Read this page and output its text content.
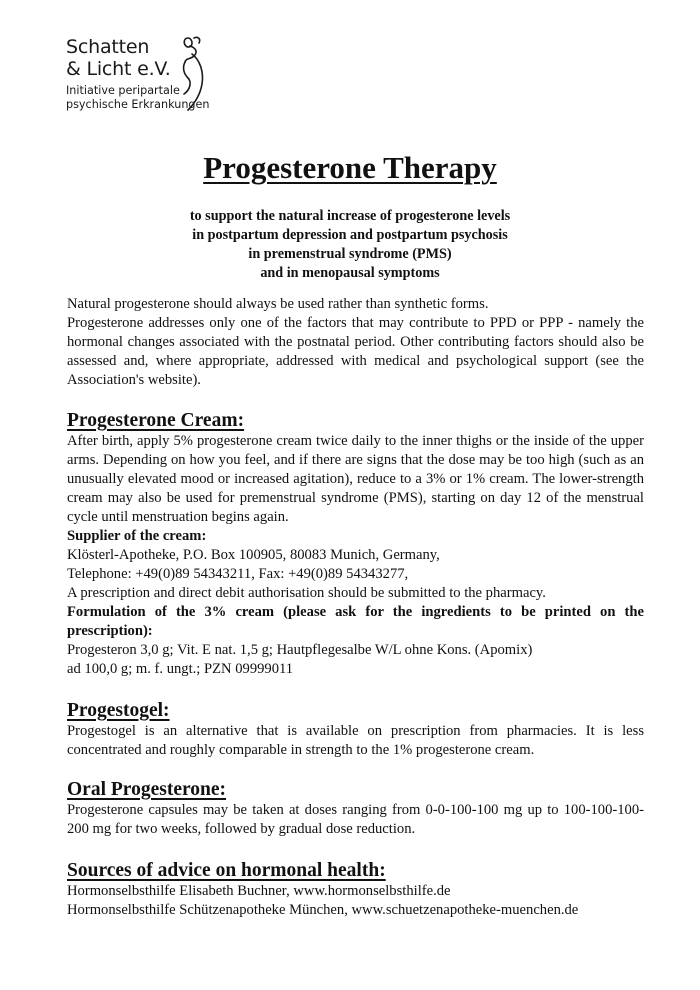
Schatten
& Licht e.V.
Initiative peripartale
psychische Erkrankungen
Progesterone Therapy
to support the natural increase of progesterone levels
in postpartum depression and postpartum psychosis
in premenstrual syndrome (PMS)
and in menopausal symptoms

Natural progesterone should always be used rather than synthetic forms.

Progesterone addresses only one of the factors that may contribute to PPD or PPP - namely the hormonal changes associated with the postnatal period. Other contributing factors should also be assessed and, where appropriate, addressed with medical and psychological support (see the Association's website).

Progesterone Cream:

After birth, apply 5% progesterone cream twice daily to the inner thighs or the inside of the upper arms. Depending on how you feel, and if there are signs that the dose may be too high (such as an unusually elevated mood or increased agitation), reduce to a 3% or 1% cream. The lower-strength cream may also be used for premenstrual syndrome (PMS), starting on day 12 of the menstrual cycle until menstruation begins again.

Supplier of the cream:

Klösterl-Apotheke, P.O. Box 100905, 80083 Munich, Germany,

Telephone: +49(0)89 54343211, Fax: +49(0)89 54343277,

A prescription and direct debit authorisation should be submitted to the pharmacy.

Formulation of the 3% cream (please ask for the ingredients to be printed on the prescription):

Progesteron 3,0 g; Vit. E nat. 1,5 g; Hautpflegesalbe W/L ohne Kons. (Apomix)

ad 100,0 g; m. f. ungt.; PZN 09999011

Progestogel:

Progestogel is an alternative that is available on prescription from pharmacies. It is less concentrated and roughly comparable in strength to the 1% progesterone cream.

Oral Progesterone:

Progesterone capsules may be taken at doses ranging from 0-0-100-100 mg up to 100-100-100-200 mg for two weeks, followed by gradual dose reduction.

Sources of advice on hormonal health:

Hormonselbsthilfe Elisabeth Buchner, www.hormonselbsthilfe.de

Hormonselbsthilfe Schützenapotheke München, www.schuetzenapotheke-muenchen.de
